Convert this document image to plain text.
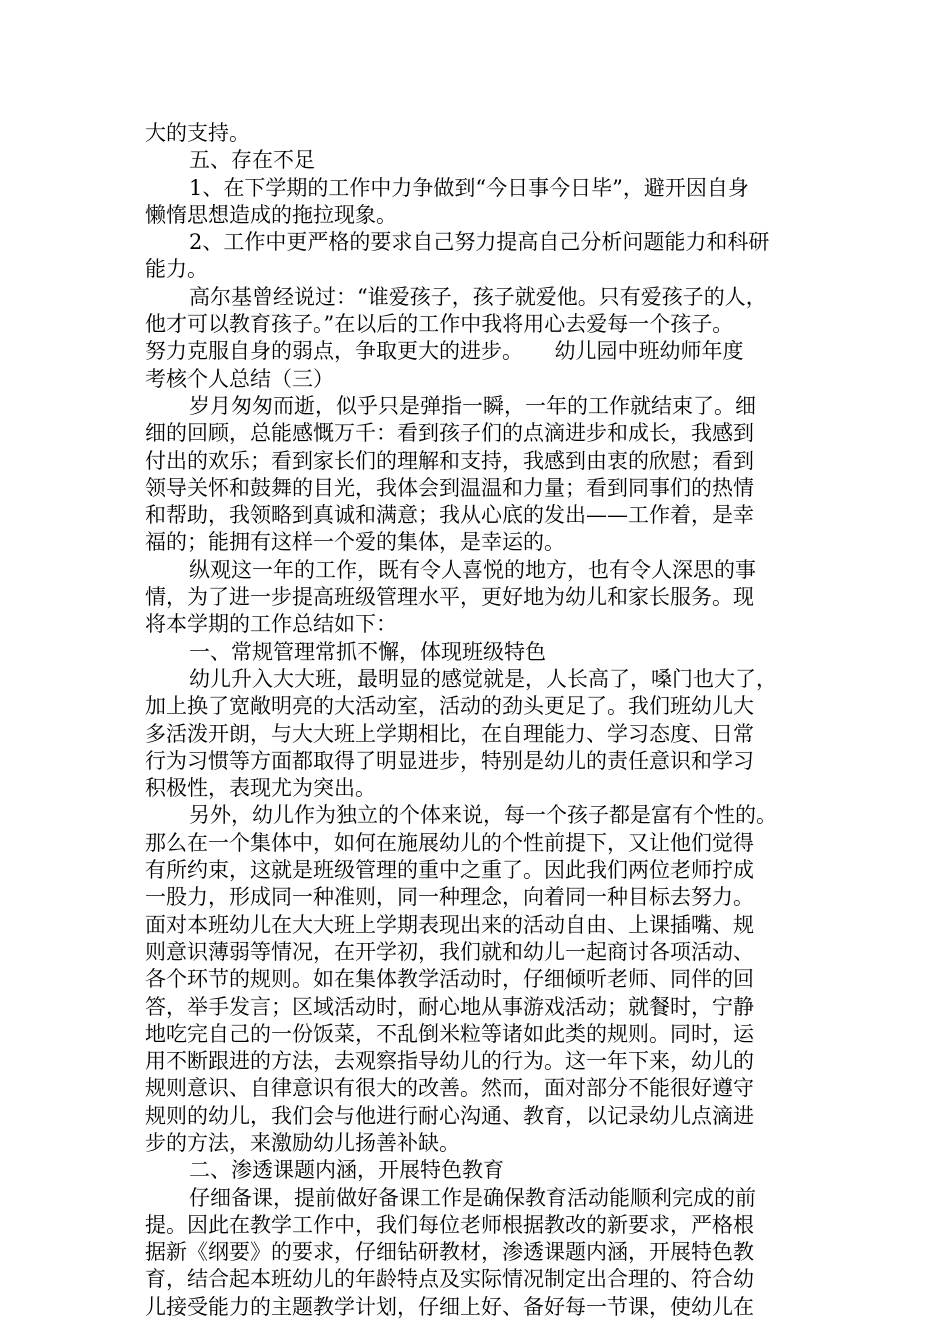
大的支持。
五、存在不足
1、在下学期的工作中力争做到“今日事今日毕”，避开因自身
懒惰思想造成的拖拉现象。
2、工作中更严格的要求自己努力提高自己分析问题能力和科研
能力。
高尔基曾经说过：“谁爱孩子，孩子就爱他。只有爱孩子的人，
他才可以教育孩子。”在以后的工作中我将用心去爱每一个孩子。
努力克服自身的弱点，争取更大的进步。　　幼儿园中班幼师年度
考核个人总结（三）
岁月匆匆而逝，似乎只是弹指一瞬，一年的工作就结束了。细
细的回顾，总能感慨万千：看到孩子们的点滴进步和成长，我感到
付出的欢乐；看到家长们的理解和支持，我感到由衷的欣慰；看到
领导关怀和鼓舞的目光，我体会到温温和力量；看到同事们的热情
和帮助，我领略到真诚和满意；我从心底的发出——工作着，是幸
福的；能拥有这样一个爱的集体，是幸运的。
纵观这一年的工作，既有令人喜悦的地方，也有令人深思的事
情，为了进一步提高班级管理水平，更好地为幼儿和家长服务。现
将本学期的工作总结如下：
一、常规管理常抓不懈，体现班级特色
幼儿升入大大班，最明显的感觉就是，人长高了，嗓门也大了，
加上换了宽敞明亮的大活动室，活动的劲头更足了。我们班幼儿大
多活泼开朗，与大大班上学期相比，在自理能力、学习态度、日常
行为习惯等方面都取得了明显进步，特别是幼儿的责任意识和学习
积极性，表现尤为突出。
另外，幼儿作为独立的个体来说，每一个孩子都是富有个性的。
那么在一个集体中，如何在施展幼儿的个性前提下，又让他们觉得
有所约束，这就是班级管理的重中之重了。因此我们两位老师拧成
一股力，形成同一种准则，同一种理念，向着同一种目标去努力。
面对本班幼儿在大大班上学期表现出来的活动自由、上课插嘴、规
则意识薄弱等情况，在开学初，我们就和幼儿一起商讨各项活动、
各个环节的规则。如在集体教学活动时，仔细倾听老师、同伴的回
答，举手发言；区域活动时，耐心地从事游戏活动；就餐时，宁静
地吃完自己的一份饭菜，不乱倒米粒等诸如此类的规则。同时，运
用不断跟进的方法，去观察指导幼儿的行为。这一年下来，幼儿的
规则意识、自律意识有很大的改善。然而，面对部分不能很好遵守
规则的幼儿，我们会与他进行耐心沟通、教育，以记录幼儿点滴进
步的方法，来激励幼儿扬善补缺。
二、渗透课题内涵，开展特色教育
仔细备课，提前做好备课工作是确保教育活动能顺利完成的前
提。因此在教学工作中，我们每位老师根据教改的新要求，严格根
据新《纲要》的要求，仔细钻研教材，渗透课题内涵，开展特色教
育，结合起本班幼儿的年龄特点及实际情况制定出合理的、符合幼
儿接受能力的主题教学计划，仔细上好、备好每一节课，使幼儿在
